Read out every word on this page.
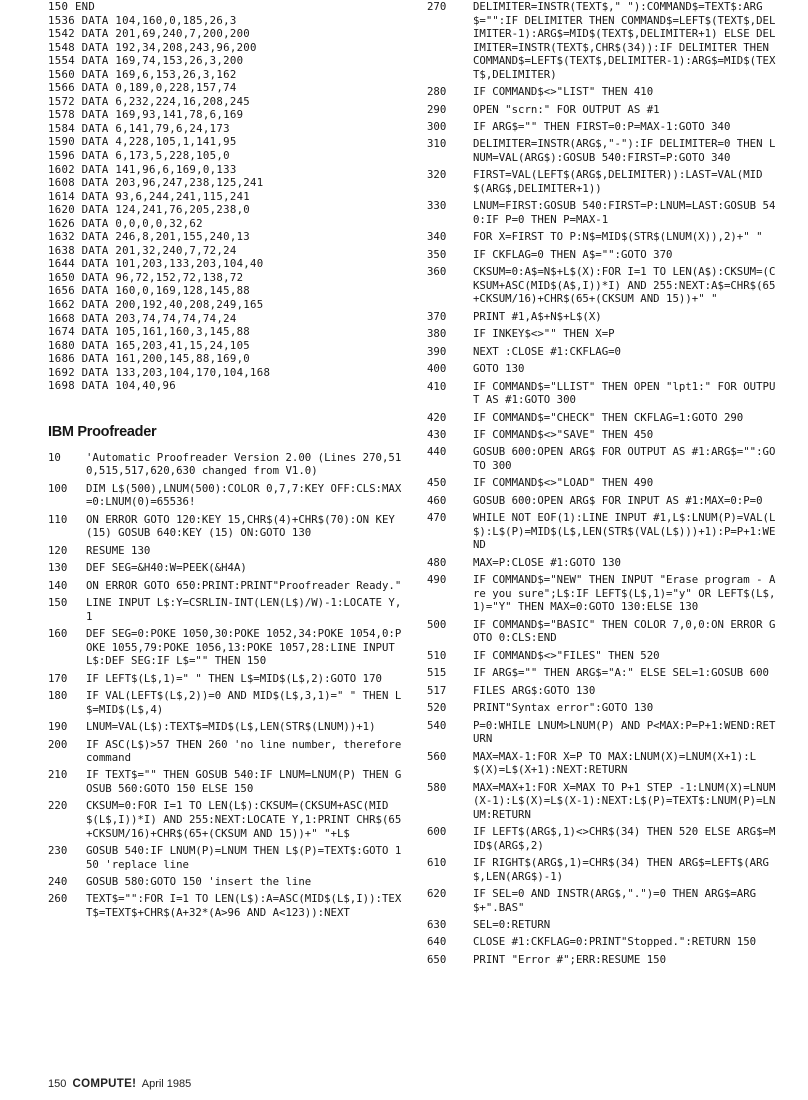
150 END
1536 DATA 104,160,0,185,26,3
1542 DATA 201,69,240,7,200,200
1548 DATA 192,34,208,243,96,200
1554 DATA 169,74,153,26,3,200
1560 DATA 169,6,153,26,3,162
1566 DATA 0,189,0,228,157,74
1572 DATA 6,232,224,16,208,245
1578 DATA 169,93,141,78,6,169
1584 DATA 6,141,79,6,24,173
1590 DATA 4,228,105,1,141,95
1596 DATA 6,173,5,228,105,0
1602 DATA 141,96,6,169,0,133
1608 DATA 203,96,247,238,125,241
1614 DATA 93,6,244,241,115,241
1620 DATA 124,241,76,205,238,0
1626 DATA 0,0,0,0,32,62
1632 DATA 246,8,201,155,240,13
1638 DATA 201,32,240,7,72,24
1644 DATA 101,203,133,203,104,40
1650 DATA 96,72,152,72,138,72
1656 DATA 160,0,169,128,145,88
1662 DATA 200,192,40,208,249,165
1668 DATA 203,74,74,74,74,24
1674 DATA 105,161,160,3,145,88
1680 DATA 165,203,41,15,24,105
1686 DATA 161,200,145,88,169,0
1692 DATA 133,203,104,170,104,168
1698 DATA 104,40,96
IBM Proofreader
10	'Automatic Proofreader Version 2.00 (Lines 270,510,515,517,620,630 changed from V1.0)
100	DIM L$(500),LNUM(500):COLOR 0,7,7:KEY OFF:CLS:MAX=0:LNUM(0)=65536!
110	ON ERROR GOTO 120:KEY 15,CHR$(4)+CHR$(70):ON KEY(15) GOSUB 640:KEY (15) ON:GOTO 130
120	RESUME 130
130	DEF SEG=&H40:W=PEEK(&H4A)
140	ON ERROR GOTO 650:PRINT:PRINT"Proofreader Ready."
150	LINE INPUT L$:Y=CSRLIN-INT(LEN(L$)/W)-1:LOCATE Y,1
160	DEF SEG=0:POKE 1050,30:POKE 1052,34:POKE 1054,0:POKE 1055,79:POKE 1056,13:POKE 1057,28:LINE INPUT L$:DEF SEG:IF L$="" THEN 150
170	IF LEFT$(L$,1)=" " THEN L$=MID$(L$,2):GOTO 170
180	IF VAL(LEFT$(L$,2))=0 AND MID$(L$,3,1)=" " THEN L$=MID$(L$,4)
190	LNUM=VAL(L$):TEXT$=MID$(L$,LEN(STR$(LNUM))+1)
200	IF ASC(L$)>57 THEN 260 'no line number, therefore command
210	IF TEXT$="" THEN GOSUB 540:IF LNUM=LNUM(P) THEN GOSUB 560:GOTO 150 ELSE 150
220	CKSUM=0:FOR I=1 TO LEN(L$):CKSUM=(CKSUM+ASC(MID$(L$,I))*I) AND 255:NEXT:LOCATE Y,1:PRINT CHR$(65+CKSUM/16)+CHR$(65+(CKSUM AND 15))+" "+L$
230	GOSUB 540:IF LNUM(P)=LNUM THEN L$(P)=TEXT$:GOTO 150 'replace line
240	GOSUB 580:GOTO 150 'insert the line
260	TEXT$="":FOR I=1 TO LEN(L$):A=ASC(MID$(L$,I)):TEXT$=TEXT$+CHR$(A+32*(A>96 AND A<123)):NEXT
270	DELIMITER=INSTR(TEXT$," "):COMMAND$=TEXT$:ARG$="":IF DELIMITER THEN COMMAND$=LEFT$(TEXT$,DELIMITER-1):ARG$=MID$(TEXT$,DELIMITER+1) ELSE DELIMITER=INSTR(TEXT$,CHR$(34)):IF DELIMITER THEN COMMAND$=LEFT$(TEXT$,DELIMITER-1):ARG$=MID$(TEXT$,DELIMITER)
280	IF COMMAND$<>"LIST" THEN 410
290	OPEN "scrn:" FOR OUTPUT AS #1
300	IF ARG$="" THEN FIRST=0:P=MAX-1:GOTO 340
310	DELIMITER=INSTR(ARG$,"-"):IF DELIMITER=0 THEN LNUM=VAL(ARG$):GOSUB 540:FIRST=P:GOTO 340
320	FIRST=VAL(LEFT$(ARG$,DELIMITER)):LAST=VAL(MID$(ARG$,DELIMITER+1))
330	LNUM=FIRST:GOSUB 540:FIRST=P:LNUM=LAST:GOSUB 540:IF P=0 THEN P=MAX-1
340	FOR X=FIRST TO P:N$=MID$(STR$(LNUM(X)),2)+" "
350	IF CKFLAG=0 THEN A$="":GOTO 370
360	CKSUM=0:A$=N$+L$(X):FOR I=1 TO LEN(A$):CKSUM=(CKSUM+ASC(MID$(A$,I))*I) AND 255:NEXT:A$=CHR$(65+CKSUM/16)+CHR$(65+(CKSUM AND 15))+" "
370	PRINT #1,A$+N$+L$(X)
380	IF INKEY$<>"" THEN X=P
390	NEXT :CLOSE #1:CKFLAG=0
400	GOTO 130
410	IF COMMAND$="LLIST" THEN OPEN "lpt1:" FOR OUTPUT AS #1:GOTO 300
420	IF COMMAND$="CHECK" THEN CKFLAG=1:GOTO 290
430	IF COMMAND$<>"SAVE" THEN 450
440	GOSUB 600:OPEN ARG$ FOR OUTPUT AS #1:ARG$="":GOTO 300
450	IF COMMAND$<>"LOAD" THEN 490
460	GOSUB 600:OPEN ARG$ FOR INPUT AS #1:MAX=0:P=0
470	WHILE NOT EOF(1):LINE INPUT #1,L$:LNUM(P)=VAL(L$):L$(P)=MID$(L$,LEN(STR$(VAL(L$)))+1):P=P+1:WEND
480	MAX=P:CLOSE #1:GOTO 130
490	IF COMMAND$="NEW" THEN INPUT "Erase program - Are you sure";L$:IF LEFT$(L$,1)="y" OR LEFT$(L$,1)="Y" THEN MAX=0:GOTO 130:ELSE 130
500	IF COMMAND$="BASIC" THEN COLOR 7,0,0:ON ERROR GOTO 0:CLS:END
510	IF COMMAND$<>"FILES" THEN 520
515	IF ARG$="" THEN ARG$="A:" ELSE SEL=1:GOSUB 600
517	FILES ARG$:GOTO 130
520	PRINT"Syntax error":GOTO 130
540	P=0:WHILE LNUM>LNUM(P) AND P<MAX:P=P+1:WEND:RETURN
560	MAX=MAX-1:FOR X=P TO MAX:LNUM(X)=LNUM(X+1):L$(X)=L$(X+1):NEXT:RETURN
580	MAX=MAX+1:FOR X=MAX TO P+1 STEP -1:LNUM(X)=LNUM(X-1):L$(X)=L$(X-1):NEXT:L$(P)=TEXT$:LNUM(P)=LNUM:RETURN
600	IF LEFT$(ARG$,1)<>CHR$(34) THEN 520 ELSE ARG$=MID$(ARG$,2)
610	IF RIGHT$(ARG$,1)=CHR$(34) THEN ARG$=LEFT$(ARG$,LEN(ARG$)-1)
620	IF SEL=0 AND INSTR(ARG$,".")=0 THEN ARG$=ARG$+".BAS"
630	SEL=0:RETURN
640	CLOSE #1:CKFLAG=0:PRINT"Stopped.":RETURN 150
650	PRINT "Error #";ERR:RESUME 150
150 COMPUTE! April 1985
